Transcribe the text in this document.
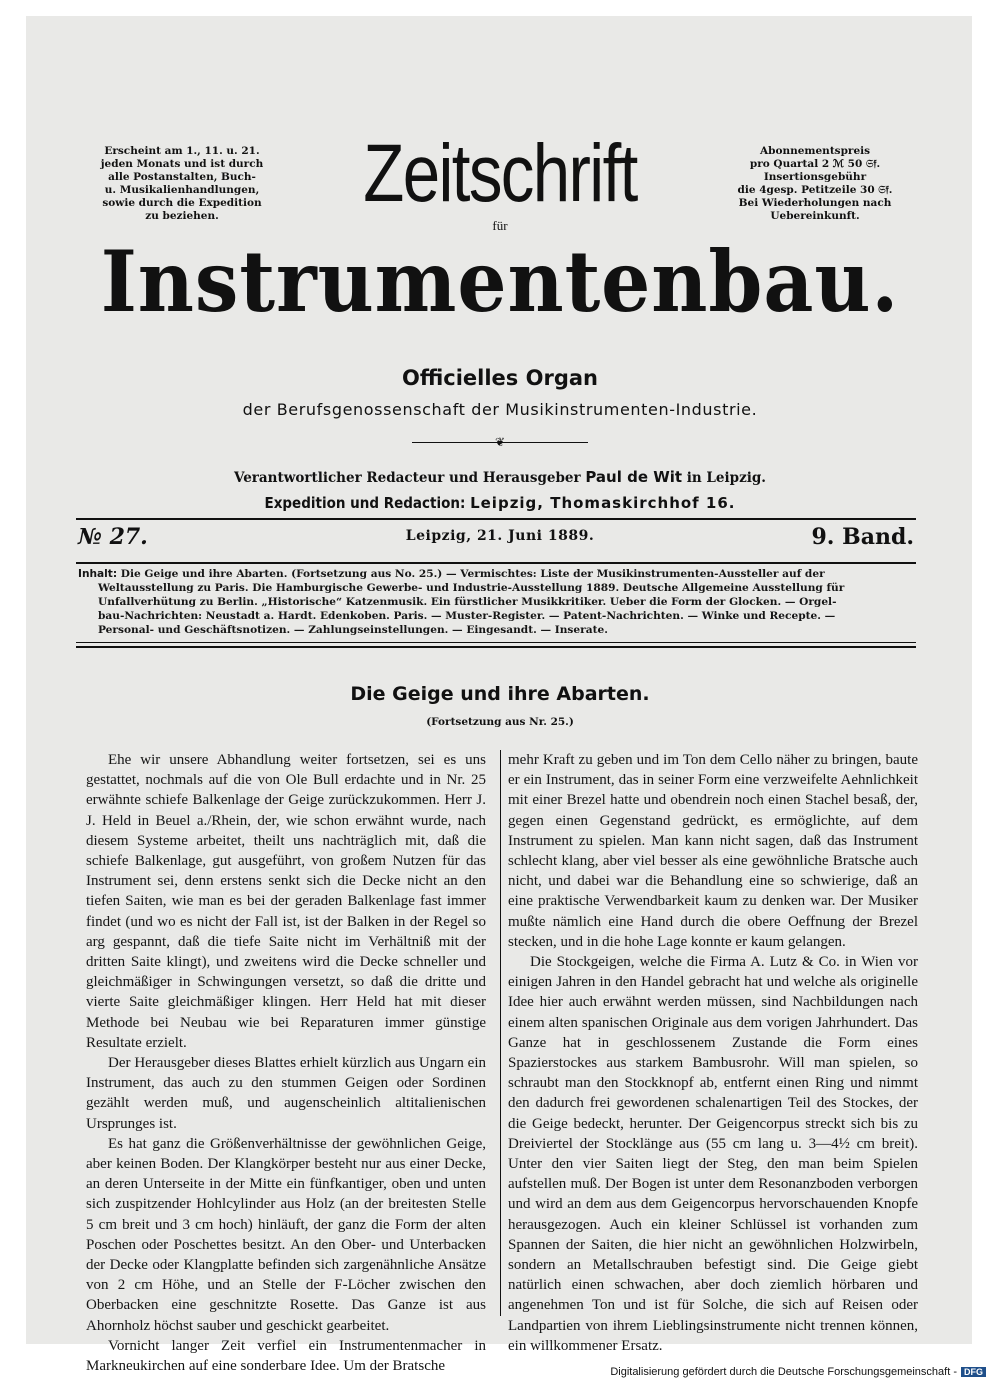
Erscheint am 1., 11. u. 21.
jeden Monats und ist durch
alle Postanstalten, Buch-
u. Musikalienhandlungen,
sowie durch die Expedition
zu beziehen.
Abonnementspreis
pro Quartal 2 ℳ 50 𝔖𝔣.
Insertionsgebühr
die 4gesp. Petitzeile 30 𝔖𝔣.
Bei Wiederholungen nach
Uebereinkunft.
Zeitschrift
für
Instrumentenbau.
Officielles Organ
der Berufsgenossenschaft der Musikinstrumenten-Industrie.
❦
Verantwortlicher Redacteur und Herausgeber Paul de Wit in Leipzig.
Expedition und Redaction: Leipzig, Thomaskirchhof 16.
№ 27.	Leipzig, 21. Juni 1889.	9. Band.
Inhalt: Die Geige und ihre Abarten. (Fortsetzung aus No. 25.) — Vermischtes: Liste der Musikinstrumenten-Aussteller auf der
Weltausstellung zu Paris. Die Hamburgische Gewerbe- und Industrie-Ausstellung 1889. Deutsche Allgemeine Ausstellung für
Unfallverhütung zu Berlin. „Historische“ Katzenmusik. Ein fürstlicher Musikkritiker. Ueber die Form der Glocken. — Orgel-
bau-Nachrichten: Neustadt a. Hardt. Edenkoben. Paris. — Muster-Register. — Patent-Nachrichten. — Winke und Recepte. —
Personal- und Geschäftsnotizen. — Zahlungseinstellungen. — Eingesandt. — Inserate.
Die Geige und ihre Abarten.
(Fortsetzung aus Nr. 25.)

Ehe wir unsere Abhandlung weiter fortsetzen, sei es uns gestattet, nochmals auf die von Ole Bull erdachte und in Nr. 25 erwähnte schiefe Balkenlage der Geige zurückzukommen. Herr J. J. Held in Beuel a./Rhein, der, wie schon erwähnt wurde, nach diesem Systeme arbeitet, theilt uns nachträglich mit, daß die schiefe Balkenlage, gut ausgeführt, von großem Nutzen für das Instrument sei, denn erstens senkt sich die Decke nicht an den tiefen Saiten, wie man es bei der geraden Balkenlage fast immer findet (und wo es nicht der Fall ist, ist der Balken in der Regel so arg gespannt, daß die tiefe Saite nicht im Verhältniß mit der dritten Saite klingt), und zweitens wird die Decke schneller und gleichmäßiger in Schwingungen versetzt, so daß die dritte und vierte Saite gleichmäßiger klingen. Herr Held hat mit dieser Methode bei Neubau wie bei Reparaturen immer günstige Resultate erzielt.

Der Herausgeber dieses Blattes erhielt kürzlich aus Ungarn ein Instrument, das auch zu den stummen Geigen oder Sordinen gezählt werden muß, und augenscheinlich altitalienischen Ursprunges ist.

Es hat ganz die Größenverhältnisse der gewöhnlichen Geige, aber keinen Boden. Der Klangkörper besteht nur aus einer Decke, an deren Unterseite in der Mitte ein fünfkantiger, oben und unten sich zuspitzender Hohlcylinder aus Holz (an der breitesten Stelle 5 cm breit und 3 cm hoch) hinläuft, der ganz die Form der alten Poschen oder Poschettes besitzt. An den Ober- und Unterbacken der Decke oder Klangplatte befinden sich zargenähnliche Ansätze von 2 cm Höhe, und an Stelle der F-Löcher zwischen den Oberbacken eine geschnitzte Rosette. Das Ganze ist aus Ahornholz höchst sauber und geschickt gearbeitet.

Vornicht langer Zeit verfiel ein Instrumentenmacher in Markneukirchen auf eine sonderbare Idee. Um der Bratsche

mehr Kraft zu geben und im Ton dem Cello näher zu bringen, baute er ein Instrument, das in seiner Form eine verzweifelte Aehnlichkeit mit einer Brezel hatte und obendrein noch einen Stachel besaß, der, gegen einen Gegenstand gedrückt, es ermöglichte, auf dem Instrument zu spielen. Man kann nicht sagen, daß das Instrument schlecht klang, aber viel besser als eine gewöhnliche Bratsche auch nicht, und dabei war die Behandlung eine so schwierige, daß an eine praktische Verwendbarkeit kaum zu denken war. Der Musiker mußte nämlich eine Hand durch die obere Oeffnung der Brezel stecken, und in die hohe Lage konnte er kaum gelangen.

Die Stockgeigen, welche die Firma A. Lutz & Co. in Wien vor einigen Jahren in den Handel gebracht hat und welche als originelle Idee hier auch erwähnt werden müssen, sind Nachbildungen nach einem alten spanischen Originale aus dem vorigen Jahrhundert. Das Ganze hat in geschlossenem Zustande die Form eines Spazierstockes aus starkem Bambusrohr. Will man spielen, so schraubt man den Stockknopf ab, entfernt einen Ring und nimmt den dadurch frei gewordenen schalenartigen Teil des Stockes, der die Geige bedeckt, herunter. Der Geigencorpus streckt sich bis zu Dreiviertel der Stocklänge aus (55 cm lang u. 3—4½ cm breit). Unter den vier Saiten liegt der Steg, den man beim Spielen aufstellen muß. Der Bogen ist unter dem Resonanzboden verborgen und wird an dem aus dem Geigencorpus hervorschauenden Knopfe herausgezogen. Auch ein kleiner Schlüssel ist vorhanden zum Spannen der Saiten, die hier nicht an gewöhnlichen Holzwirbeln, sondern an Metallschrauben befestigt sind. Die Geige giebt natürlich einen schwachen, aber doch ziemlich hörbaren und angenehmen Ton und ist für Solche, die sich auf Reisen oder Landpartien von ihrem Lieblingsinstrumente nicht trennen können, ein willkommener Ersatz.

Digitalisierung gefördert durch die Deutsche Forschungsgemeinschaft - DFG
